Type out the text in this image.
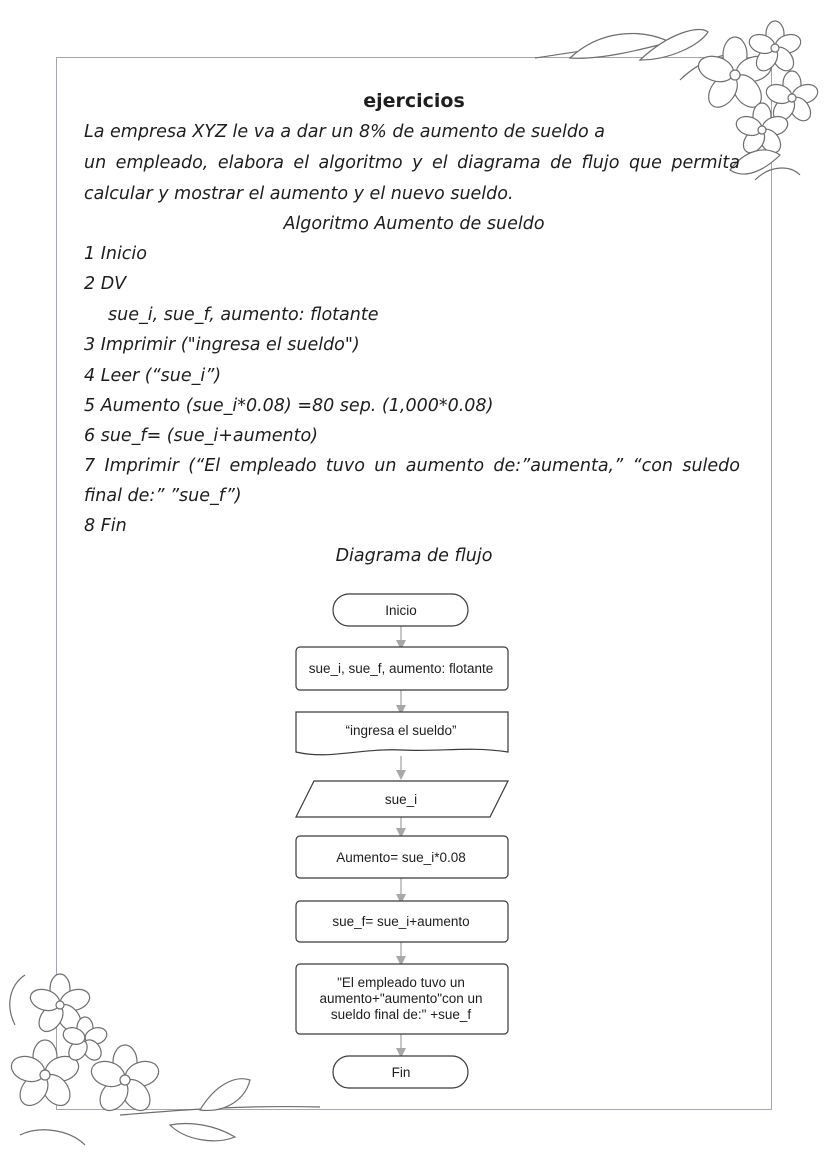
ejercicios
La empresa XYZ le va a dar un 8% de aumento de sueldo a
un empleado, elabora el algoritmo y el diagrama de flujo que permita
calcular y mostrar el aumento y el nuevo sueldo.
Algoritmo Aumento de sueldo
1 Inicio
2 DV
sue_i, sue_f, aumento: flotante
3 Imprimir ("ingresa el sueldo")
4 Leer (“sue_i”)
5 Aumento (sue_i*0.08) =80 sep. (1,000*0.08)
6 sue_f= (sue_i+aumento)
7 Imprimir (“El empleado tuvo un aumento de:”aumenta,” “con suledo
final de:” ”sue_f”)
8 Fin
Diagrama de flujo
Inicio
sue_i, sue_f, aumento: flotante
“ingresa el sueldo”
sue_i
Aumento= sue_i*0.08
sue_f= sue_i+aumento
"El empleado tuvo un
aumento+"aumento"con un
sueldo final de:" +sue_f
Fin
